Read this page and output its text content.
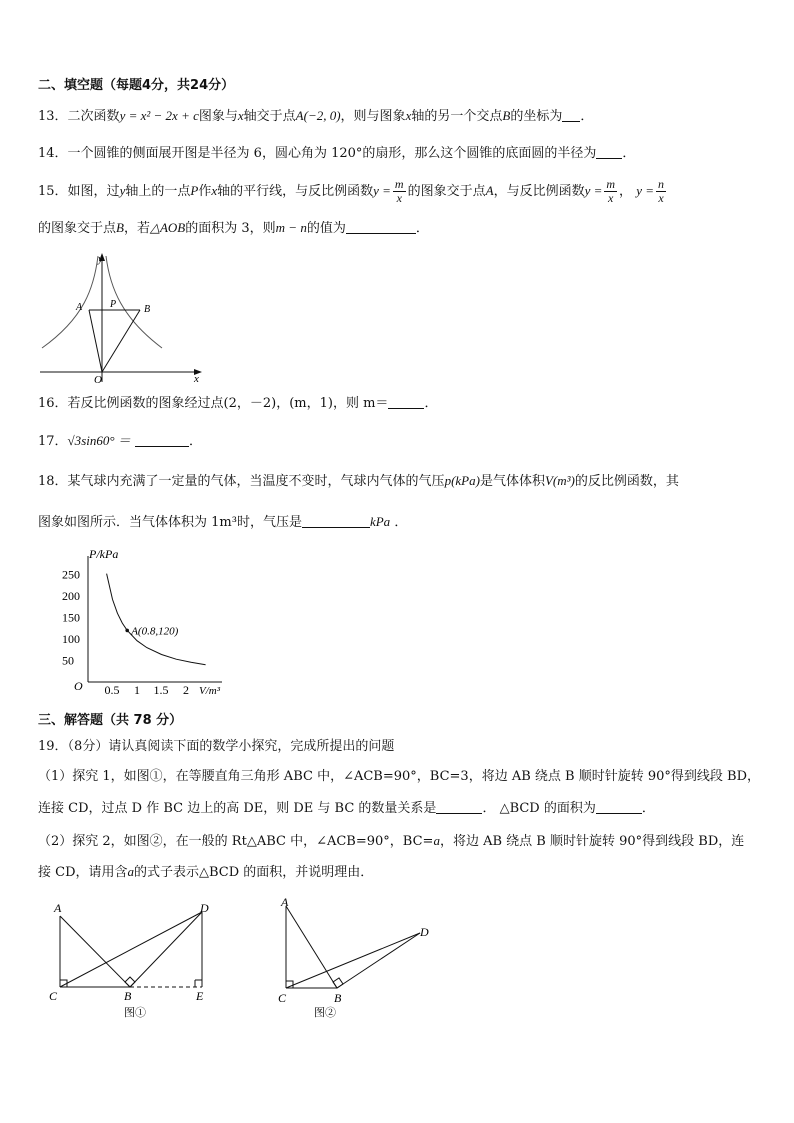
二、填空题（每题4分，共24分）
13．二次函数y = x² − 2x + c图象与x轴交于点A(−2, 0)，则与图象x轴的另一个交点B的坐标为 ．
14．一个圆锥的侧面展开图是半径为 6，圆心角为 120°的扇形，那么这个圆锥的底面圆的半径为 ．
15．如图，过y轴上的一点P作x轴的平行线，与反比例函数$y = \frac{m}{x}$ 的图象交于点A，与反比例函数$y = \frac{m}{x}$ ， $y = \frac{n}{x}$
的图象交于点B，若△AOB的面积为 3，则m − n的值为	．
y
x
O
A	P	B
16．若反比例函数的图象经过点(2，－2)，(m，1)，则 m＝	．
17．√3sin60° ＝	．
18．某气球内充满了一定量的气体，当温度不变时，气球内气体的气压p(kPa)是气体体积V(m³)的反比例函数，其
图象如图所示．当气体体积为 1m³时，气压是	kPa ．
P/kPa
V/m³
O
250
200
150
100
50
0.5 1 1.5 2
A(0.8,120)
三、解答题（共 78 分）
19．（8分）请认真阅读下面的数学小探究，完成所提出的问题
（1）探究 1，如图①，在等腰直角三角形 ABC 中，∠ACB=90°，BC=3，将边 AB 绕点 B 顺时针旋转 90°得到线段 BD，
连接 CD，过点 D 作 BC 边上的高 DE，则 DE 与 BC 的数量关系是	． △BCD 的面积为	．
（2）探究 2，如图②，在一般的 Rt△ABC 中，∠ACB=90°，BC=a，将边 AB 绕点 B 顺时针旋转 90°得到线段 BD，连
接 CD，请用含a的式子表示△BCD 的面积，并说明理由．
A	D
C	B	E
图①
A
D
C	B
图②
